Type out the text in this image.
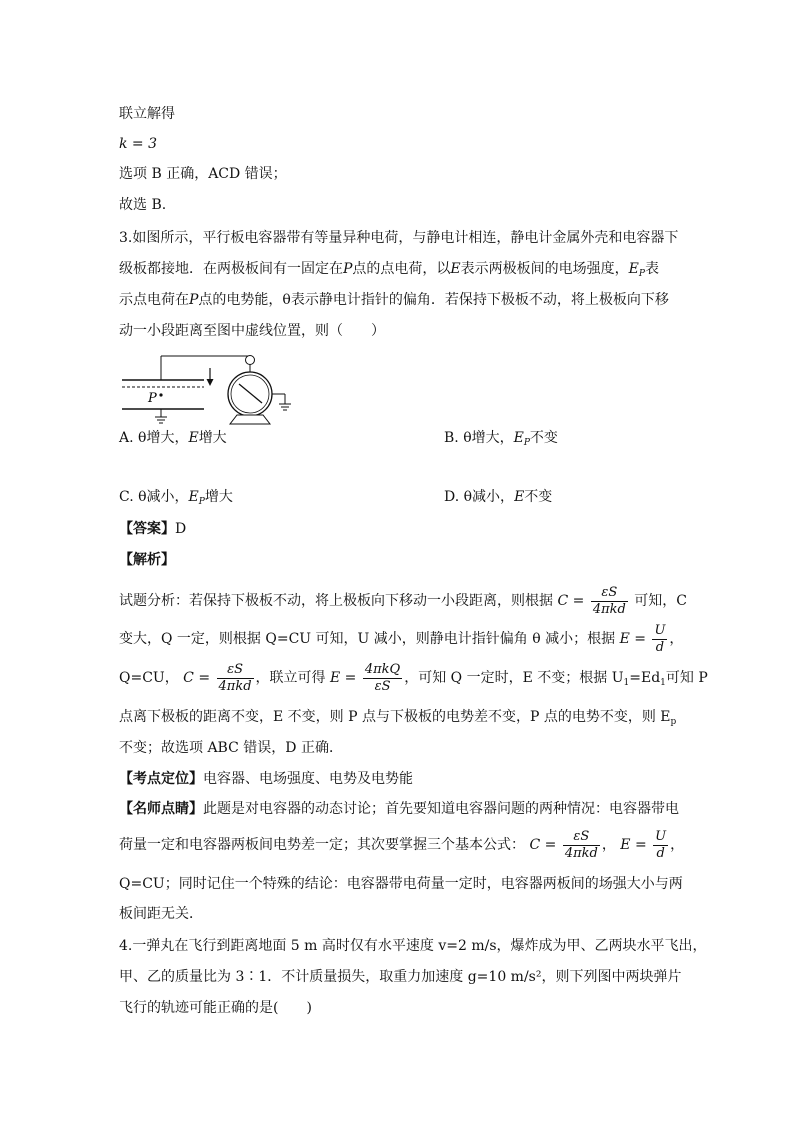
联立解得
k = 3
选项 B 正确，ACD 错误；
故选 B.
3.如图所示，平行板电容器带有等量异种电荷，与静电计相连，静电计金属外壳和电容器下
级板都接地．在两极板间有一固定在P点的点电荷，以E表示两极板间的电场强度，$E_P$表
示点电荷在P点的电势能，θ表示静电计指针的偏角．若保持下极板不动，将上极板向下移
动一小段距离至图中虚线位置，则（　　）
P
A. θ增大，E增大	B. θ增大，$E_P$不变
C. θ减小，$E_P$增大	D. θ减小，E不变
【答案】D
【解析】
试题分析：若保持下极板不动，将上极板向下移动一小段距离，则根据 $C = \frac{\varepsilon S}{\text{4πkd}}$ 可知，C
变大，Q 一定，则根据 Q=CU 可知，U 减小，则静电计指针偏角 θ 减小；根据 $E = \frac{U}{d}$ ，
Q=CU， $C = \frac{\varepsilon S}{\text{4πkd}}$ ，联立可得 $E = \frac{\text{4πkQ}}{\varepsilon S}$ ，可知 Q 一定时，E 不变；根据 $U_1=Ed_1$可知 P
点离下极板的距离不变，E 不变，则 P 点与下极板的电势差不变，P 点的电势不变，则 $E_p$
不变；故选项 ABC 错误，D 正确．
【考点定位】电容器、电场强度、电势及电势能
【名师点睛】此题是对电容器的动态讨论；首先要知道电容器问题的两种情况：电容器带电
荷量一定和电容器两板间电势差一定；其次要掌握三个基本公式： $C = \frac{\varepsilon S}{\text{4πkd}}$ ， $E = \frac{U}{d}$ ，
Q=CU；同时记住一个特殊的结论：电容器带电荷量一定时，电容器两板间的场强大小与两
板间距无关．
4.一弹丸在飞行到距离地面 5 m 高时仅有水平速度 v=2 m/s，爆炸成为甲、乙两块水平飞出，
甲、乙的质量比为 3∶1．不计质量损失，取重力加速度 g=10 m/s²，则下列图中两块弹片
飞行的轨迹可能正确的是(　　)
